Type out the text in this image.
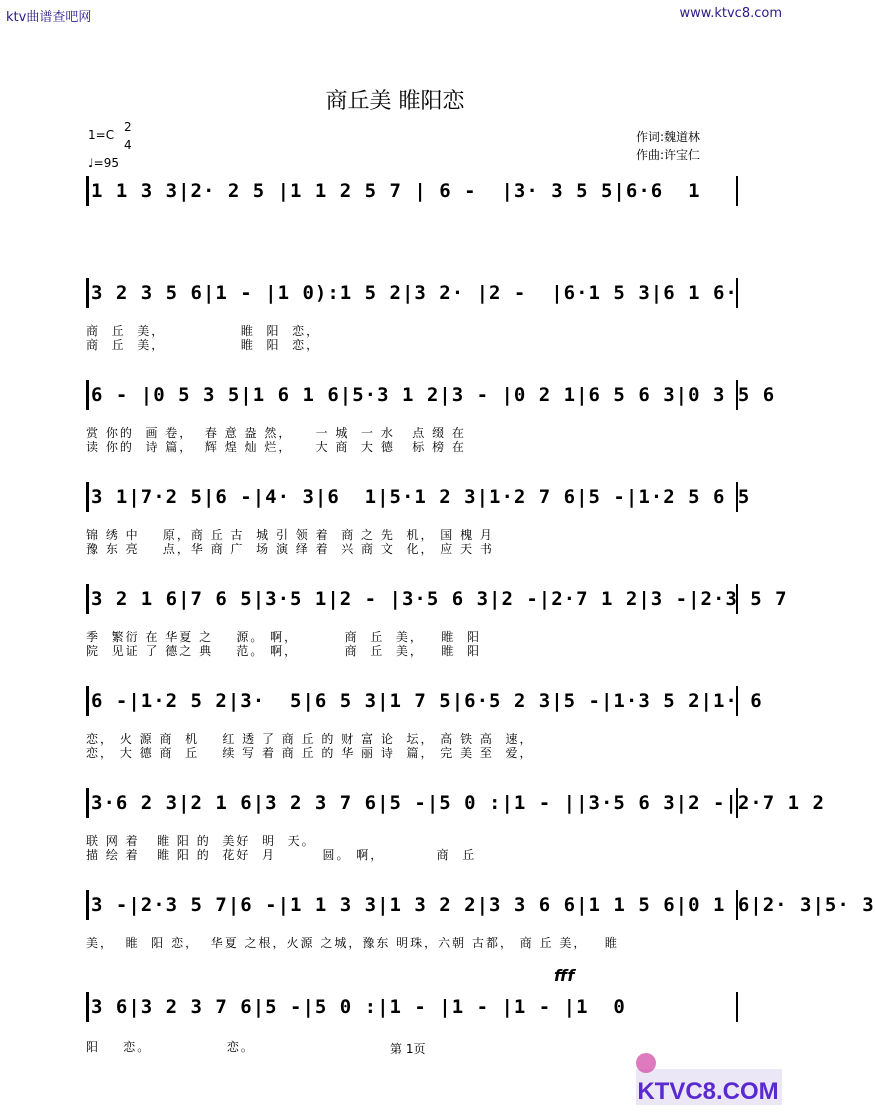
ktv曲谱查吧网	www.ktvc8.com
商丘美 睢阳恋
1=C
2
4
♩=95
作词:魏道林
作曲:许宝仁
1 1 3 3|2· 2 5 |1 1 2 5 7 | 6 -  |3· 3 5 5|6·6  1
3 2 3 5 6|1 - |1 0):1 5 2|3 2· |2 -  |6·1 5 3|6 1 6·
商  丘  美，             睢  阳  恋，
商  丘  美，             睢  阳  恋，
6 - |0 5 3 5|1 6 1 6|5·3 1 2|3 - |0 2 1|6 5 6 3|0 3 5 6
赏 你的  画 卷，  春 意 盎 然，    一 城  一 水   点 缀 在
读 你的  诗 篇，  辉 煌 灿 烂，    大 商  大 德   标 榜 在
3 1|7·2 5|6 -|4· 3|6  1|5·1 2 3|1·2 7 6|5 -|1·2 5 6 5
锦 绣 中    原，商 丘 古  城 引 领 着  商 之 先  机， 国 槐 月
豫 东 亮    点，华 商 广  场 演 绎 着  兴 商 文  化， 应 天 书
3 2 1 6|7 6 5|3·5 1|2 - |3·5 6 3|2 -|2·7 1 2|3 -|2·3 5 7
季  繁衍 在 华夏 之    源。 啊，        商  丘  美，   睢  阳
院  见证 了 德之 典    范。 啊，        商  丘  美，   睢  阳
6 -|1·2 5 2|3·  5|6 5 3|1 7 5|6·5 2 3|5 -|1·3 5 2|1· 6
恋， 火 源 商  机    红 透 了 商 丘 的 财 富 论  坛， 高 铁 高  速，
恋， 大 德 商  丘    续 写 着 商 丘 的 华 丽 诗  篇， 完 美 至  爱，
3·6 2 3|2 1 6|3 2 3 7 6|5 -|5 0 :|1 - ||3·5 6 3|2 -|2·7 1 2
联 网 着   睢 阳 的  美好  明  天。
描 绘 着   睢 阳 的  花好  月        圆。 啊，         商  丘
3 -|2·3 5 7|6 -|1 1 3 3|1 3 2 2|3 3 6 6|1 1 5 6|0 1 6|2· 3|5· 3
美，  睢  阳 恋，  华夏 之根，火源 之城，豫东 明珠，六朝 古都， 商 丘 美，   睢
fff
3 6|3 2 3 7 6|5 -|5 0 :|1 - |1 - |1 - |1  0
阳    恋。             恋。	第 1页
KTVC8.COM
